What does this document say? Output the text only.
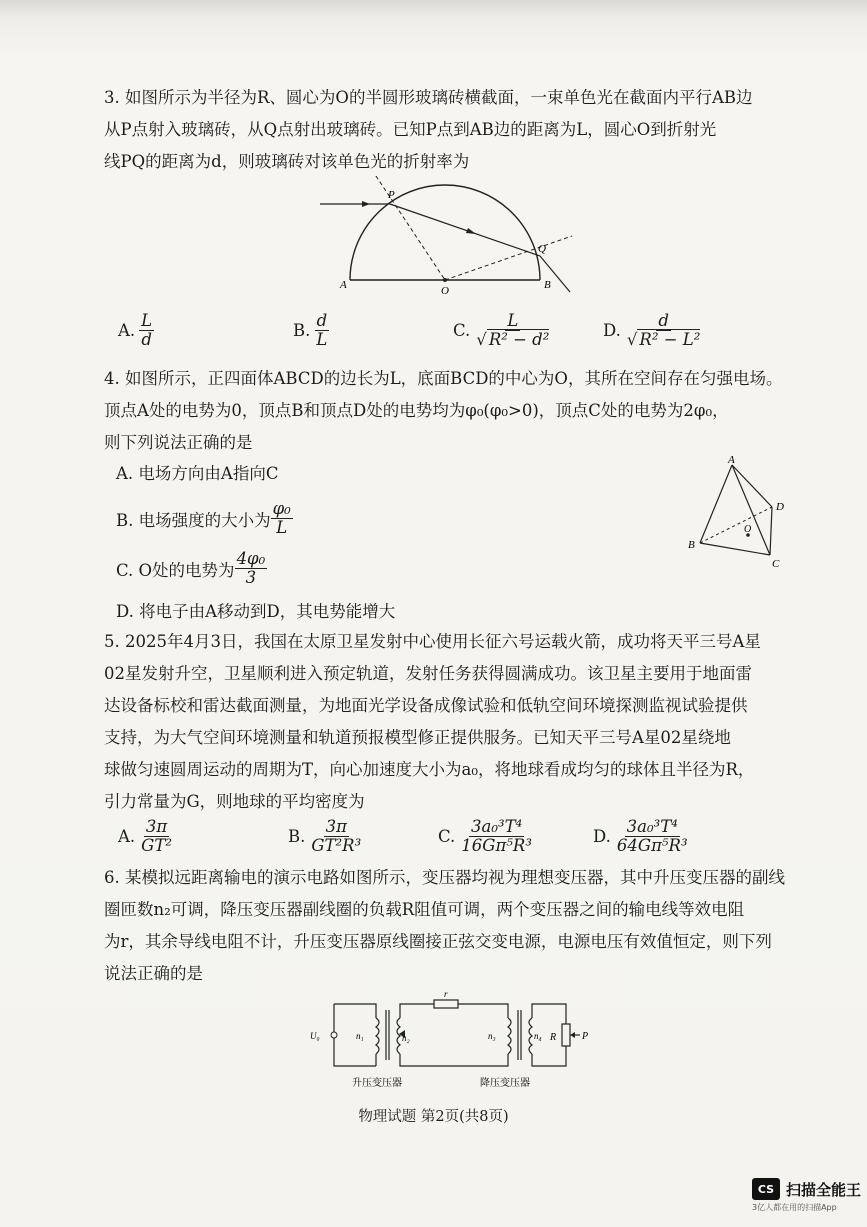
3. 如图所示为半径为R、圆心为O的半圆形玻璃砖横截面，一束单色光在截面内平行AB边

从P点射入玻璃砖，从Q点射出玻璃砖。已知P点到AB边的距离为L，圆心O到折射光

线PQ的距离为d，则玻璃砖对该单色光的折射率为

P
Q
A	B
O
A. $\frac{L}{d}$	B. $\frac{d}{L}$	C. $\frac{L}{\text{√ R² − d²}}$	D. $\frac{d}{\text{√ R² − L²}}$

4. 如图所示，正四面体ABCD的边长为L，底面BCD的中心为O，其所在空间存在匀强电场。

顶点A处的电势为0，顶点B和顶点D处的电势均为φ₀(φ₀>0)，顶点C处的电势为2φ₀，

则下列说法正确的是

A. 电场方向由A指向C
B. 电场强度的大小为 $\frac{\text{φ₀}}{L}$
C. O处的电势为 $\frac{\text{4φ₀}}{3}$
D. 将电子由A移动到D，其电势能增大
A
B
C
D
O

5. 2025年4月3日，我国在太原卫星发射中心使用长征六号运载火箭，成功将天平三号A星

02星发射升空，卫星顺利进入预定轨道，发射任务获得圆满成功。该卫星主要用于地面雷

达设备标校和雷达截面测量，为地面光学设备成像试验和低轨空间环境探测监视试验提供

支持，为大气空间环境测量和轨道预报模型修正提供服务。已知天平三号A星02星绕地

球做匀速圆周运动的周期为T，向心加速度大小为a₀，将地球看成均匀的球体且半径为R，

引力常量为G，则地球的平均密度为

A. $\frac{3\pi}{\text{GT²}}$	B. $\frac{3\pi}{\text{GT²R³}}$	C. $\frac{\text{3a₀³T⁴}}{\text{16Gπ⁵R³}}$	D. $\frac{\text{3a₀³T⁴}}{\text{64Gπ⁵R³}}$

6. 某模拟远距离输电的演示电路如图所示，变压器均视为理想变压器，其中升压变压器的副线

圈匝数n₂可调，降压变压器副线圈的负载R阻值可调，两个变压器之间的输电线等效电阻

为r，其余导线电阻不计，升压变压器原线圈接正弦交变电源，电源电压有效值恒定，则下列

说法正确的是

U₀	n₁	n₂
r
n₃	n₄ R	P
升压变压器	降压变压器
物理试题 第2页(共8页)
CS 扫描全能王
3亿人都在用的扫描App
